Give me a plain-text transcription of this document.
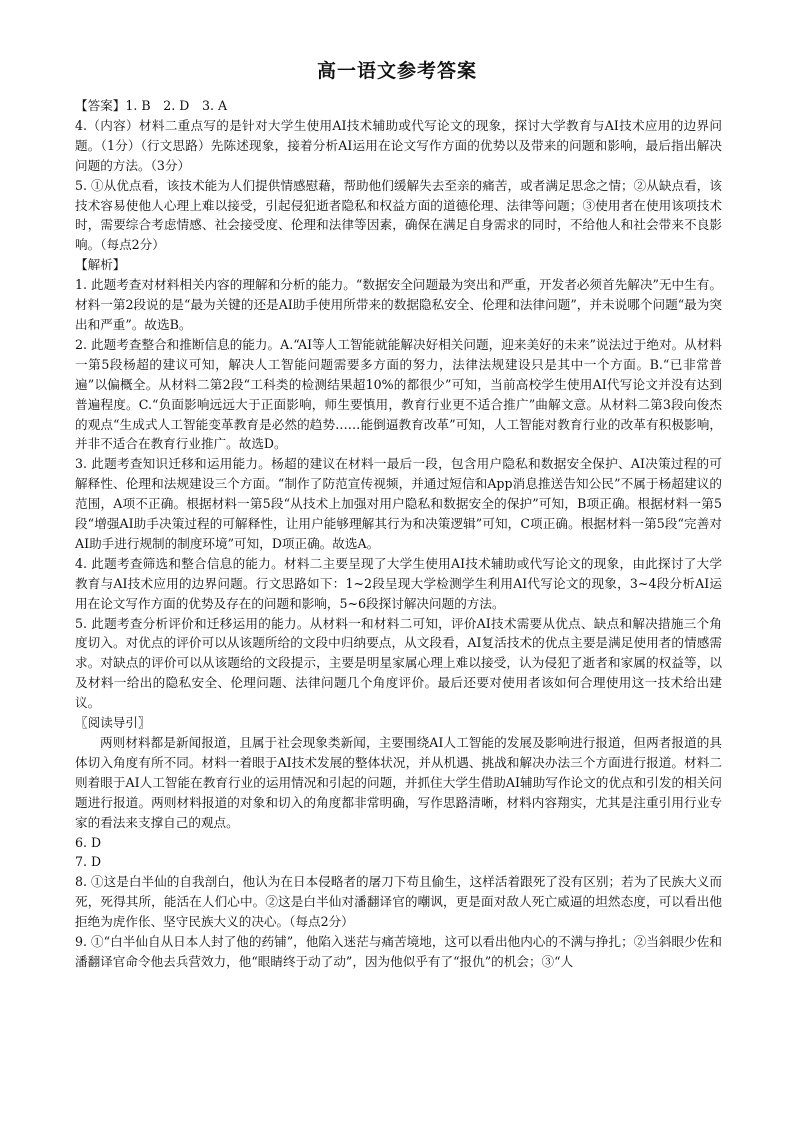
高一语文参考答案

【答案】1. B　2. D　3. A

4.（内容）材料二重点写的是针对大学生使用AI技术辅助或代写论文的现象，探讨大学教育与AI技术应用的边界问题。（1分）（行文思路）先陈述现象，接着分析AI运用在论文写作方面的优势以及带来的问题和影响，最后指出解决问题的方法。（3分）

5. ①从优点看，该技术能为人们提供情感慰藉，帮助他们缓解失去至亲的痛苦，或者满足思念之情；②从缺点看，该技术容易使他人心理上难以接受，引起侵犯逝者隐私和权益方面的道德伦理、法律等问题；③使用者在使用该项技术时，需要综合考虑情感、社会接受度、伦理和法律等因素，确保在满足自身需求的同时，不给他人和社会带来不良影响。（每点2分）

【解析】

1. 此题考查对材料相关内容的理解和分析的能力。“数据安全问题最为突出和严重，开发者必须首先解决”无中生有。材料一第2段说的是“最为关键的还是AI助手使用所带来的数据隐私安全、伦理和法律问题”，并未说哪个问题“最为突出和严重”。故选B。

2. 此题考查整合和推断信息的能力。A.“AI等人工智能就能解决好相关问题，迎来美好的未来”说法过于绝对。从材料一第5段杨超的建议可知，解决人工智能问题需要多方面的努力，法律法规建设只是其中一个方面。B.“已非常普遍”以偏概全。从材料二第2段“工科类的检测结果超10%的都很少”可知，当前高校学生使用AI代写论文并没有达到普遍程度。C.“负面影响远远大于正面影响，师生要慎用，教育行业更不适合推广”曲解文意。从材料二第3段向俊杰的观点“生成式人工智能变革教育是必然的趋势……能倒逼教育改革”可知，人工智能对教育行业的改革有积极影响，并非不适合在教育行业推广。故选D。

3. 此题考查知识迁移和运用能力。杨超的建议在材料一最后一段，包含用户隐私和数据安全保护、AI决策过程的可解释性、伦理和法规建设三个方面。“制作了防范宣传视频，并通过短信和App消息推送告知公民”不属于杨超建议的范围，A项不正确。根据材料一第5段“从技术上加强对用户隐私和数据安全的保护”可知，B项正确。根据材料一第5段“增强AI助手决策过程的可解释性，让用户能够理解其行为和决策逻辑”可知，C项正确。根据材料一第5段“完善对AI助手进行规制的制度环境”可知，D项正确。故选A。

4. 此题考查筛选和整合信息的能力。材料二主要呈现了大学生使用AI技术辅助或代写论文的现象，由此探讨了大学教育与AI技术应用的边界问题。行文思路如下：1~2段呈现大学检测学生利用AI代写论文的现象，3~4段分析AI运用在论文写作方面的优势及存在的问题和影响，5~6段探讨解决问题的方法。

5. 此题考查分析评价和迁移运用的能力。从材料一和材料二可知，评价AI技术需要从优点、缺点和解决措施三个角度切入。对优点的评价可以从该题所给的文段中归纳要点，从文段看，AI复活技术的优点主要是满足使用者的情感需求。对缺点的评价可以从该题给的文段提示，主要是明星家属心理上难以接受，认为侵犯了逝者和家属的权益等，以及材料一给出的隐私安全、伦理问题、法律问题几个角度评价。最后还要对使用者该如何合理使用这一技术给出建议。

〖阅读导引〗

两则材料都是新闻报道，且属于社会现象类新闻，主要围绕AI人工智能的发展及影响进行报道，但两者报道的具体切入角度有所不同。材料一着眼于AI技术发展的整体状况，并从机遇、挑战和解决办法三个方面进行报道。材料二则着眼于AI人工智能在教育行业的运用情况和引起的问题，并抓住大学生借助AI辅助写作论文的优点和引发的相关问题进行报道。两则材料报道的对象和切入的角度都非常明确，写作思路清晰，材料内容翔实，尤其是注重引用行业专家的看法来支撑自己的观点。

6. D

7. D

8. ①这是白半仙的自我剖白，他认为在日本侵略者的屠刀下苟且偷生，这样活着跟死了没有区别；若为了民族大义而死，死得其所，能活在人们心中。②这是白半仙对潘翻译官的嘲讽，更是面对敌人死亡威逼的坦然态度，可以看出他拒绝为虎作伥、坚守民族大义的决心。（每点2分）

9. ①“白半仙自从日本人封了他的药铺”，他陷入迷茫与痛苦境地，这可以看出他内心的不满与挣扎；②当斜眼少佐和潘翻译官命令他去兵营效力，他“眼睛终于动了动”，因为他似乎有了“报仇”的机会；③“人
